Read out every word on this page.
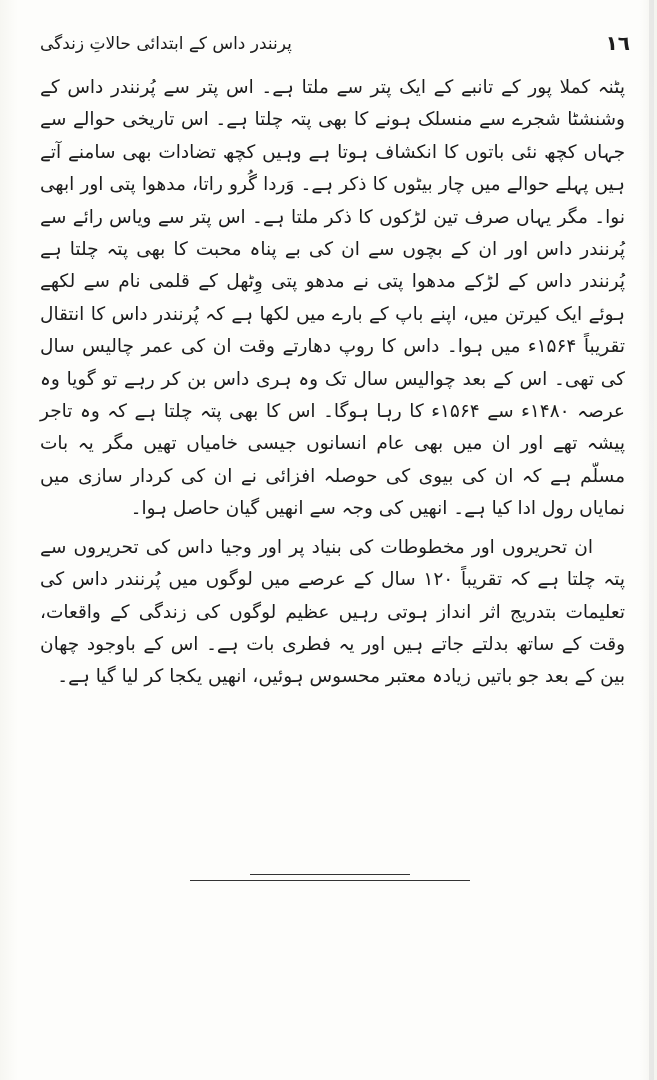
١٦
پرنندر داس کے ابتدائی حالاتِ زندگی

پٹنہ کملا پور کے تانبے کے ایک پتر سے ملتا ہے۔ اس پتر سے پُرنندر داس کے وشنشٹا شجرے سے منسلک ہونے کا بھی پتہ چلتا ہے۔ اس تاریخی حوالے سے جہاں کچھ نئی باتوں کا انکشاف ہوتا ہے وہیں کچھ تضادات بھی سامنے آتے ہیں پہلے حوالے میں چار بیٹوں کا ذکر ہے۔ وَردا گُرو راتا، مدھوا پتی اور ابھی نوا۔ مگر یہاں صرف تین لڑکوں کا ذکر ملتا ہے۔ اس پتر سے ویاس رائے سے پُرنندر داس اور ان کے بچوں سے ان کی بے پناہ محبت کا بھی پتہ چلتا ہے پُرنندر داس کے لڑکے مدھوا پتی نے مدھو پتی وِٹھل کے قلمی نام سے لکھے ہوئے ایک کیرتن میں، اپنے باپ کے بارے میں لکھا ہے کہ پُرنندر داس کا انتقال تقریباً ۱۵۶۴ء میں ہوا۔ داس کا روپ دھارتے وقت ان کی عمر چالیس سال کی تھی۔ اس کے بعد چوالیس سال تک وہ ہری داس بن کر رہے تو گویا وہ عرصہ ۱۴۸۰ء سے ۱۵۶۴ء کا رہا ہوگا۔ اس کا بھی پتہ چلتا ہے کہ وہ تاجر پیشہ تھے اور ان میں بھی عام انسانوں جیسی خامیاں تھیں مگر یہ بات مسلّم ہے کہ ان کی بیوی کی حوصلہ افزائی نے ان کی کردار سازی میں نمایاں رول ادا کیا ہے۔ انھیں کی وجہ سے انھیں گیان حاصل ہوا۔

ان تحریروں اور مخطوطات کی بنیاد پر اور وجیا داس کی تحریروں سے پتہ چلتا ہے کہ تقریباً ۱۲۰ سال کے عرصے میں لوگوں میں پُرنندر داس کی تعلیمات بتدریج اثر انداز ہوتی رہیں عظیم لوگوں کی زندگی کے واقعات، وقت کے ساتھ بدلتے جاتے ہیں اور یہ فطری بات ہے۔ اس کے باوجود چھان بین کے بعد جو باتیں زیادہ معتبر محسوس ہوئیں، انھیں یکجا کر لیا گیا ہے۔
